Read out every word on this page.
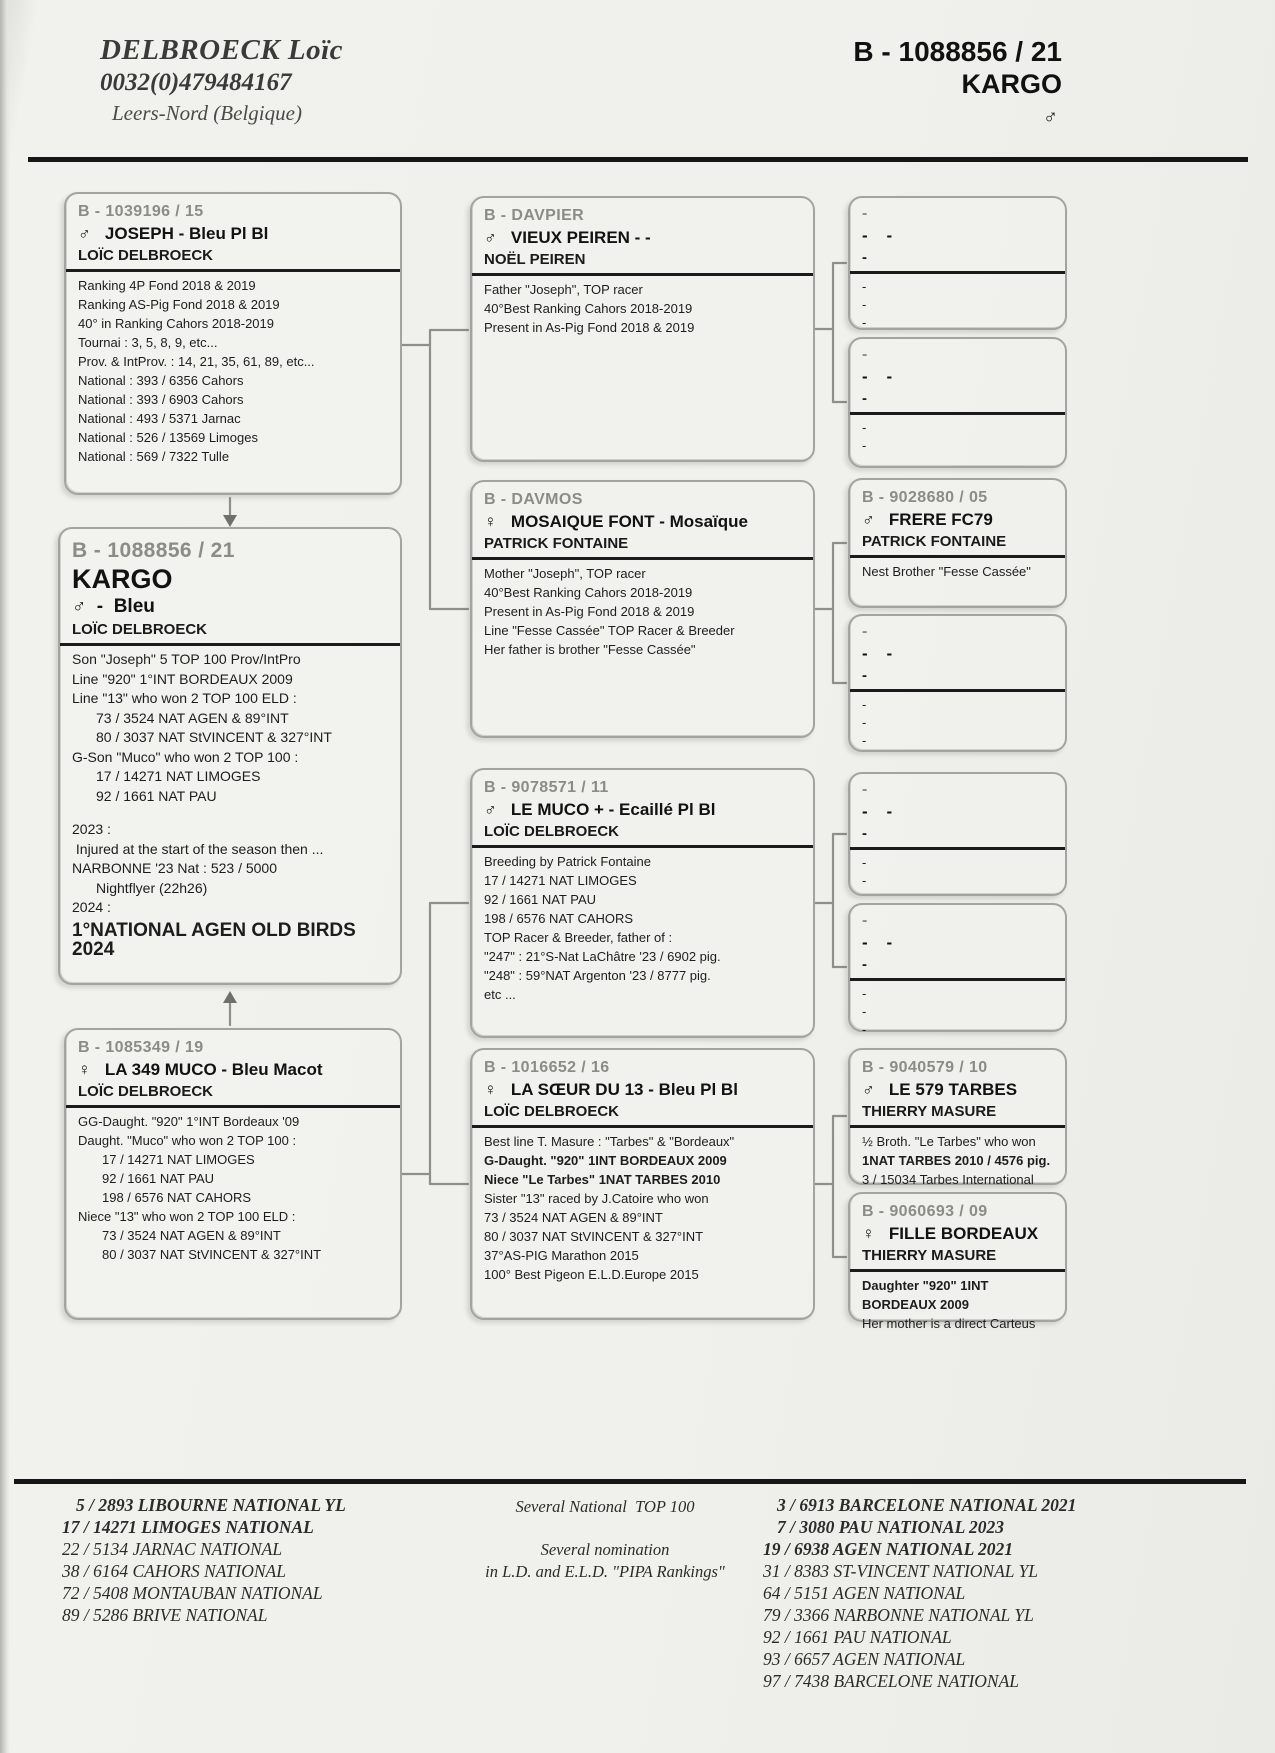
DELBROECK Loïc
0032(0)479484167
Leers-Nord (Belgique)
B - 1088856 / 21
KARGO
♂
B - 1039196 / 15
♂   JOSEPH - Bleu Pl Bl
LOÏC DELBROECK
Ranking 4P Fond 2018 & 2019
Ranking AS-Pig Fond 2018 & 2019
40° in Ranking Cahors 2018-2019
Tournai : 3, 5, 8, 9, etc...
Prov. & IntProv. : 14, 21, 35, 61, 89, etc...
National : 393 / 6356 Cahors
National : 393 / 6903 Cahors
National : 493 / 5371 Jarnac
National : 526 / 13569 Limoges
National : 569 / 7322 Tulle
B - 1088856 / 21
KARGO
♂  -  Bleu
LOÏC DELBROECK
Son "Joseph" 5 TOP 100 Prov/IntPro
Line "920" 1°INT BORDEAUX 2009
Line "13" who won 2 TOP 100 ELD :
73 / 3524 NAT AGEN & 89°INT
80 / 3037 NAT StVINCENT & 327°INT
G-Son "Muco" who won 2 TOP 100 :
17 / 14271 NAT LIMOGES
92 / 1661 NAT PAU
2023 :
Injured at the start of the season then ...
NARBONNE '23 Nat : 523 / 5000
Nightflyer (22h26)
2024 :
1°NATIONAL AGEN OLD BIRDS 2024
B - 1085349 / 19
♀   LA 349 MUCO - Bleu Macot
LOÏC DELBROECK
GG-Daught. "920" 1°INT Bordeaux '09
Daught. "Muco" who won 2 TOP 100 :
17 / 14271 NAT LIMOGES
92 / 1661 NAT PAU
198 / 6576 NAT CAHORS
Niece "13" who won 2 TOP 100 ELD :
73 / 3524 NAT AGEN & 89°INT
80 / 3037 NAT StVINCENT & 327°INT
B - DAVPIER
♂   VIEUX PEIREN - -
NOËL PEIREN
Father "Joseph", TOP racer
40°Best Ranking Cahors 2018-2019
Present in As-Pig Fond 2018 & 2019
B - DAVMOS
♀   MOSAIQUE FONT - Mosaïque
PATRICK FONTAINE
Mother "Joseph", TOP racer
40°Best Ranking Cahors 2018-2019
Present in As-Pig Fond 2018 & 2019
Line "Fesse Cassée" TOP Racer & Breeder
Her father is brother "Fesse Cassée"
B - 9078571 / 11
♂   LE MUCO + - Ecaillé Pl Bl
LOÏC DELBROECK
Breeding by Patrick Fontaine
17 / 14271 NAT LIMOGES
92 / 1661 NAT PAU
198 / 6576 NAT CAHORS
TOP Racer & Breeder, father of :
"247" : 21°S-Nat LaChâtre '23 / 6902 pig.
"248" : 59°NAT Argenton '23 / 8777 pig.
etc ...
B - 1016652 / 16
♀   LA SŒUR DU 13 - Bleu Pl Bl
LOÏC DELBROECK
Best line T. Masure : "Tarbes" & "Bordeaux"
G-Daught. "920" 1INT BORDEAUX 2009
Niece "Le Tarbes" 1NAT TARBES 2010
Sister "13" raced by J.Catoire who won
73 / 3524 NAT AGEN & 89°INT
80 / 3037 NAT StVINCENT & 327°INT
37°AS-PIG Marathon 2015
100° Best Pigeon E.L.D.Europe 2015
-
-    -
-
-
-
-
-
-    -
-
-
-
B - 9028680 / 05
♂   FRERE FC79
PATRICK FONTAINE
Nest Brother "Fesse Cassée"
-
-    -
-
-
-
-
-
-    -
-
-
-
-
-    -
-
-
-
-
B - 9040579 / 10
♂   LE 579 TARBES
THIERRY MASURE
½ Broth. "Le Tarbes" who won
1NAT TARBES 2010 / 4576 pig.
3 / 15034 Tarbes International
B - 9060693 / 09
♀   FILLE BORDEAUX
THIERRY MASURE
Daughter "920" 1INT BORDEAUX 2009
Her mother is a direct Carteus
5 / 2893 LIBOURNE NATIONAL YL
17 / 14271 LIMOGES NATIONAL
22 / 5134 JARNAC NATIONAL
38 / 6164 CAHORS NATIONAL
72 / 5408 MONTAUBAN NATIONAL
89 / 5286 BRIVE NATIONAL
Several National  TOP 100
Several nomination
in L.D. and E.L.D. "PIPA Rankings"
3 / 6913 BARCELONE NATIONAL 2021
7 / 3080 PAU NATIONAL 2023
19 / 6938 AGEN NATIONAL 2021
31 / 8383 ST-VINCENT NATIONAL YL
64 / 5151 AGEN NATIONAL
79 / 3366 NARBONNE NATIONAL YL
92 / 1661 PAU NATIONAL
93 / 6657 AGEN NATIONAL
97 / 7438 BARCELONE NATIONAL
